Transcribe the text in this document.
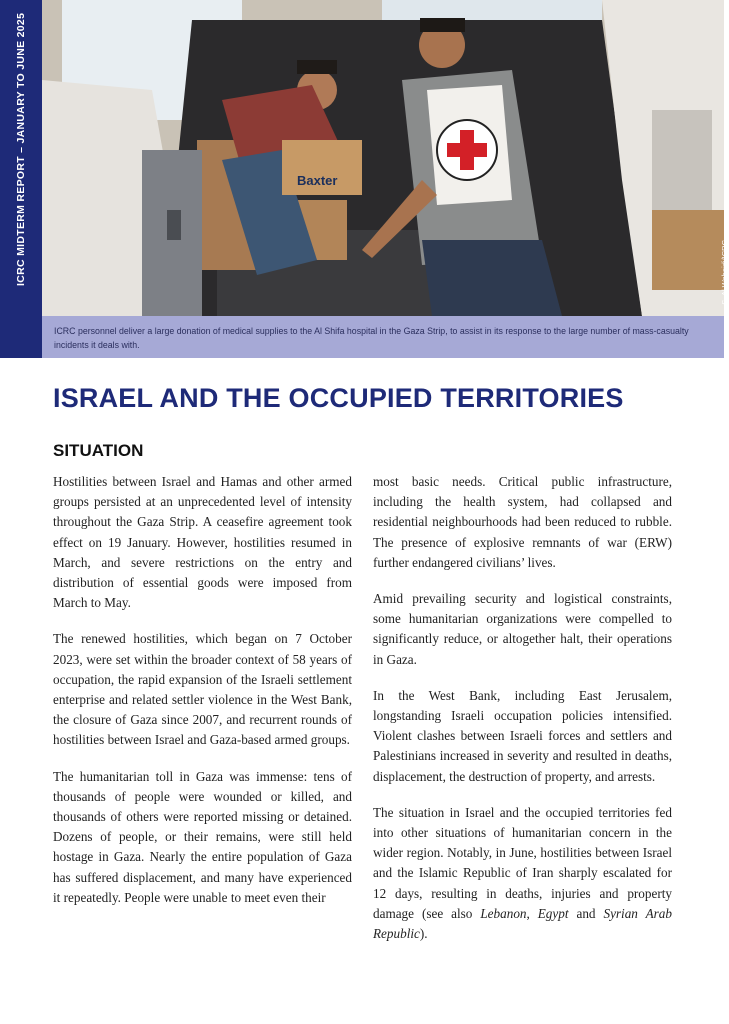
ICRC MIDTERM REPORT – JANUARY TO JUNE 2025	Baxter
S. Al Waheidi/ICRC
ICRC personnel deliver a large donation of medical supplies to the Al Shifa hospital in the Gaza Strip, to assist in its response to the large number of mass-casualty incidents it deals with.
ISRAEL AND THE OCCUPIED TERRITORIES
SITUATION

Hostilities between Israel and Hamas and other armed groups persisted at an unprecedented level of intensity throughout the Gaza Strip. A ceasefire agreement took effect on 19 January. However, hostilities resumed in March, and severe restrictions on the entry and distribution of essential goods were imposed from March to May.

The renewed hostilities, which began on 7 October 2023, were set within the broader context of 58 years of occupation, the rapid expansion of the Israeli settlement enterprise and related settler violence in the West Bank, the closure of Gaza since 2007, and recurrent rounds of hostilities between Israel and Gaza-based armed groups.

The humanitarian toll in Gaza was immense: tens of thousands of people were wounded or killed, and thousands of others were reported missing or detained. Dozens of people, or their remains, were still held hostage in Gaza. Nearly the entire population of Gaza has suffered displacement, and many have experienced it repeatedly. People were unable to meet even their

most basic needs. Critical public infrastructure, including the health system, had collapsed and residential neighbourhoods had been reduced to rubble. The presence of explosive remnants of war (ERW) further endangered civilians’ lives.

Amid prevailing security and logistical constraints, some humanitarian organizations were compelled to significantly reduce, or altogether halt, their operations in Gaza.

In the West Bank, including East Jerusalem, longstanding Israeli occupation policies intensified. Violent clashes between Israeli forces and settlers and Palestinians increased in severity and resulted in deaths, displacement, the destruction of property, and arrests.

The situation in Israel and the occupied territories fed into other situations of humanitarian concern in the wider region. Notably, in June, hostilities between Israel and the Islamic Republic of Iran sharply escalated for 12 days, resulting in deaths, injuries and property damage (see also Lebanon, Egypt and Syrian Arab Republic).
